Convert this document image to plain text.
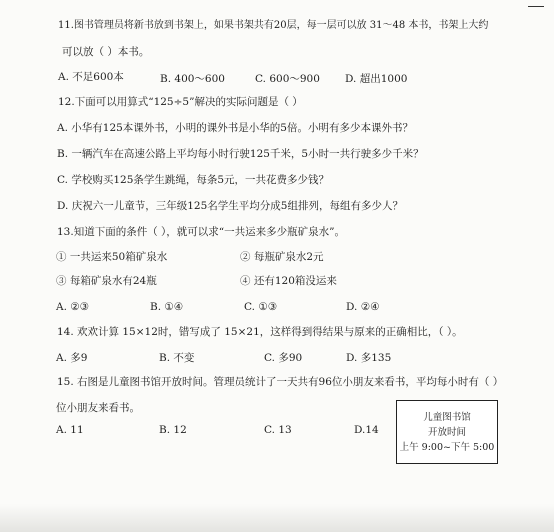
11.图书管理员将新书放到书架上，如果书架共有20层，每一层可以放 31～48 本书，书架上大约
可以放（ ）本书。
A. 不足600本	B. 400～600	C. 600～900 D. 超出1000
12.下面可以用算式“125÷5”解决的实际问题是（ ）
A. 小华有125本课外书，小明的课外书是小华的5倍。小明有多少本课外书？
B. 一辆汽车在高速公路上平均每小时行驶125千米，5小时一共行驶多少千米？
C. 学校购买125条学生跳绳，每条5元，一共花费多少钱？
D. 庆祝六一儿童节，三年级125名学生平均分成5组排列，每组有多少人？
13.知道下面的条件（ ），就可以求“一共运来多少瓶矿泉水”。
① 一共运来50箱矿泉水	② 每瓶矿泉水2元
③ 每箱矿泉水有24瓶	④ 还有120箱没运来
A. ②③	B. ①④	C. ①③	D. ②④
14. 欢欢计算 15×12时，错写成了 15×21，这样得到得结果与原来的正确相比，（ ）。
A. 多9	B. 不变	C. 多90	D. 多135
15. 右图是儿童图书馆开放时间。管理员统计了一天共有96位小朋友来看书，平均每小时有（ ）
位小朋友来看书。
A. 11	B. 12	C. 13	D.14
儿童图书馆
开放时间
上午 9:00~下午 5:00
